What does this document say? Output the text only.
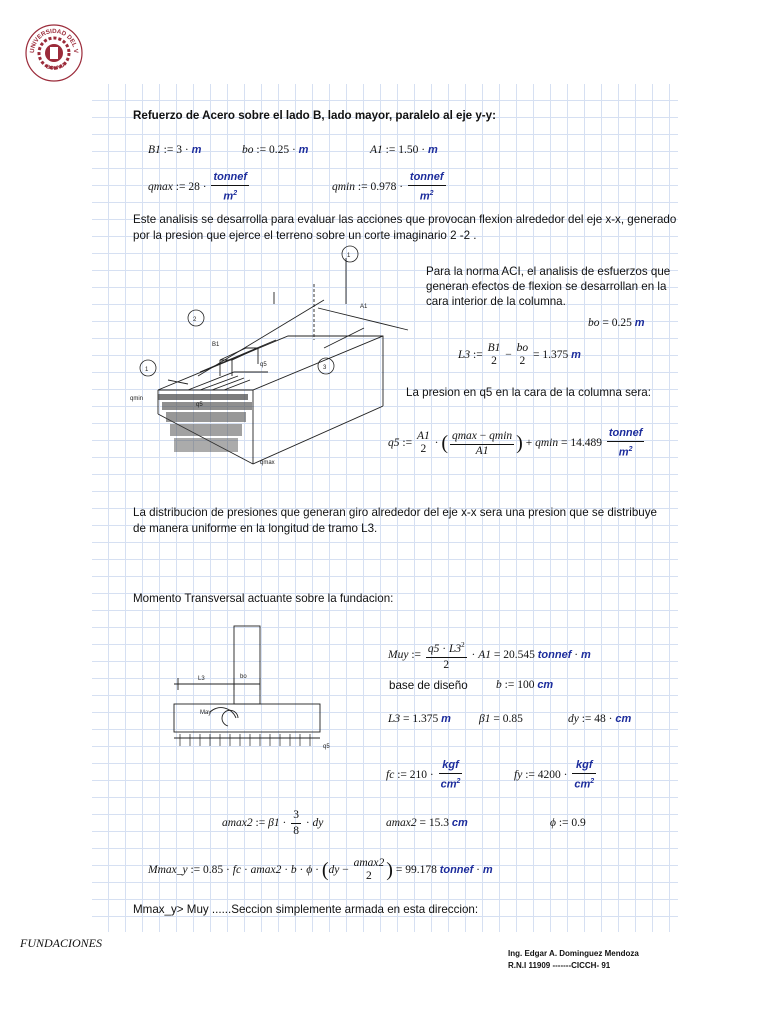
UNIVERSIDAD DEL V
BOLIVIA
Refuerzo de Acero sobre el lado B, lado mayor, paralelo al eje y-y:
B1 := 3 · m	bo := 0.25 · m	A1 := 1.50 · m
qmax := $28 \cdot \frac{\text{tonnef}}{m^2}$	qmin := $0.978 \cdot \frac{\text{tonnef}}{m^2}$
Este analisis se desarrolla para evaluar las acciones que provocan flexion alrededor del eje x-x, generado
por la presion que ejerce el terreno sobre un corte imaginario 2 -2 .
1
2
1	3
A1
B1
q5
q5
qmin
qmax
Para la norma ACI, el analisis de esfuerzos que
generan efectos de flexion se desarrollan en la
cara interior de la columna.
bo = 0.25 m
L3 := B1
2 − bo
2 = 1.375 m
La presion en q5 en la cara de la columna sera:
q5 := A1
2 · ( $\frac{qmax - qmin}{A1}$ ) + $qmin = 14.489 \frac{\text{tonnef}}{m^2}$
La distribucion de presiones que generan giro alrededor del eje x-x sera una presion que se distribuye
de manera uniforme en la longitud de tramo L3.
Momento Transversal actuante sobre la fundacion:
L3	bo
May
q5
Muy := $\frac{q5 \cdot L3^2}{2} \cdot A1 = 20.545$ tonnef · m
base de diseño b := 100 cm
L3 = 1.375 m β1 = 0.85	dy := 48 · cm
fc := $210 \cdot \frac{\text{kgf}}{cm^2}$	fy := $4200 \cdot \frac{\text{kgf}}{cm^2}$
amax2 := $\beta 1 \cdot \frac{3}{8}$ · dy	amax2 = 15.3 cm	ϕ := 0.9
Mmax_y := 0.85 · fc · amax2 · b · ϕ · (dy − amax2
2 ) = 99.178 tonnef · m
Mmax_y> Muy ......Seccion simplemente armada en esta direccion:
FUNDACIONES
Ing. Edgar A. Dominguez Mendoza
R.N.I 11909 -------CICCH- 91
